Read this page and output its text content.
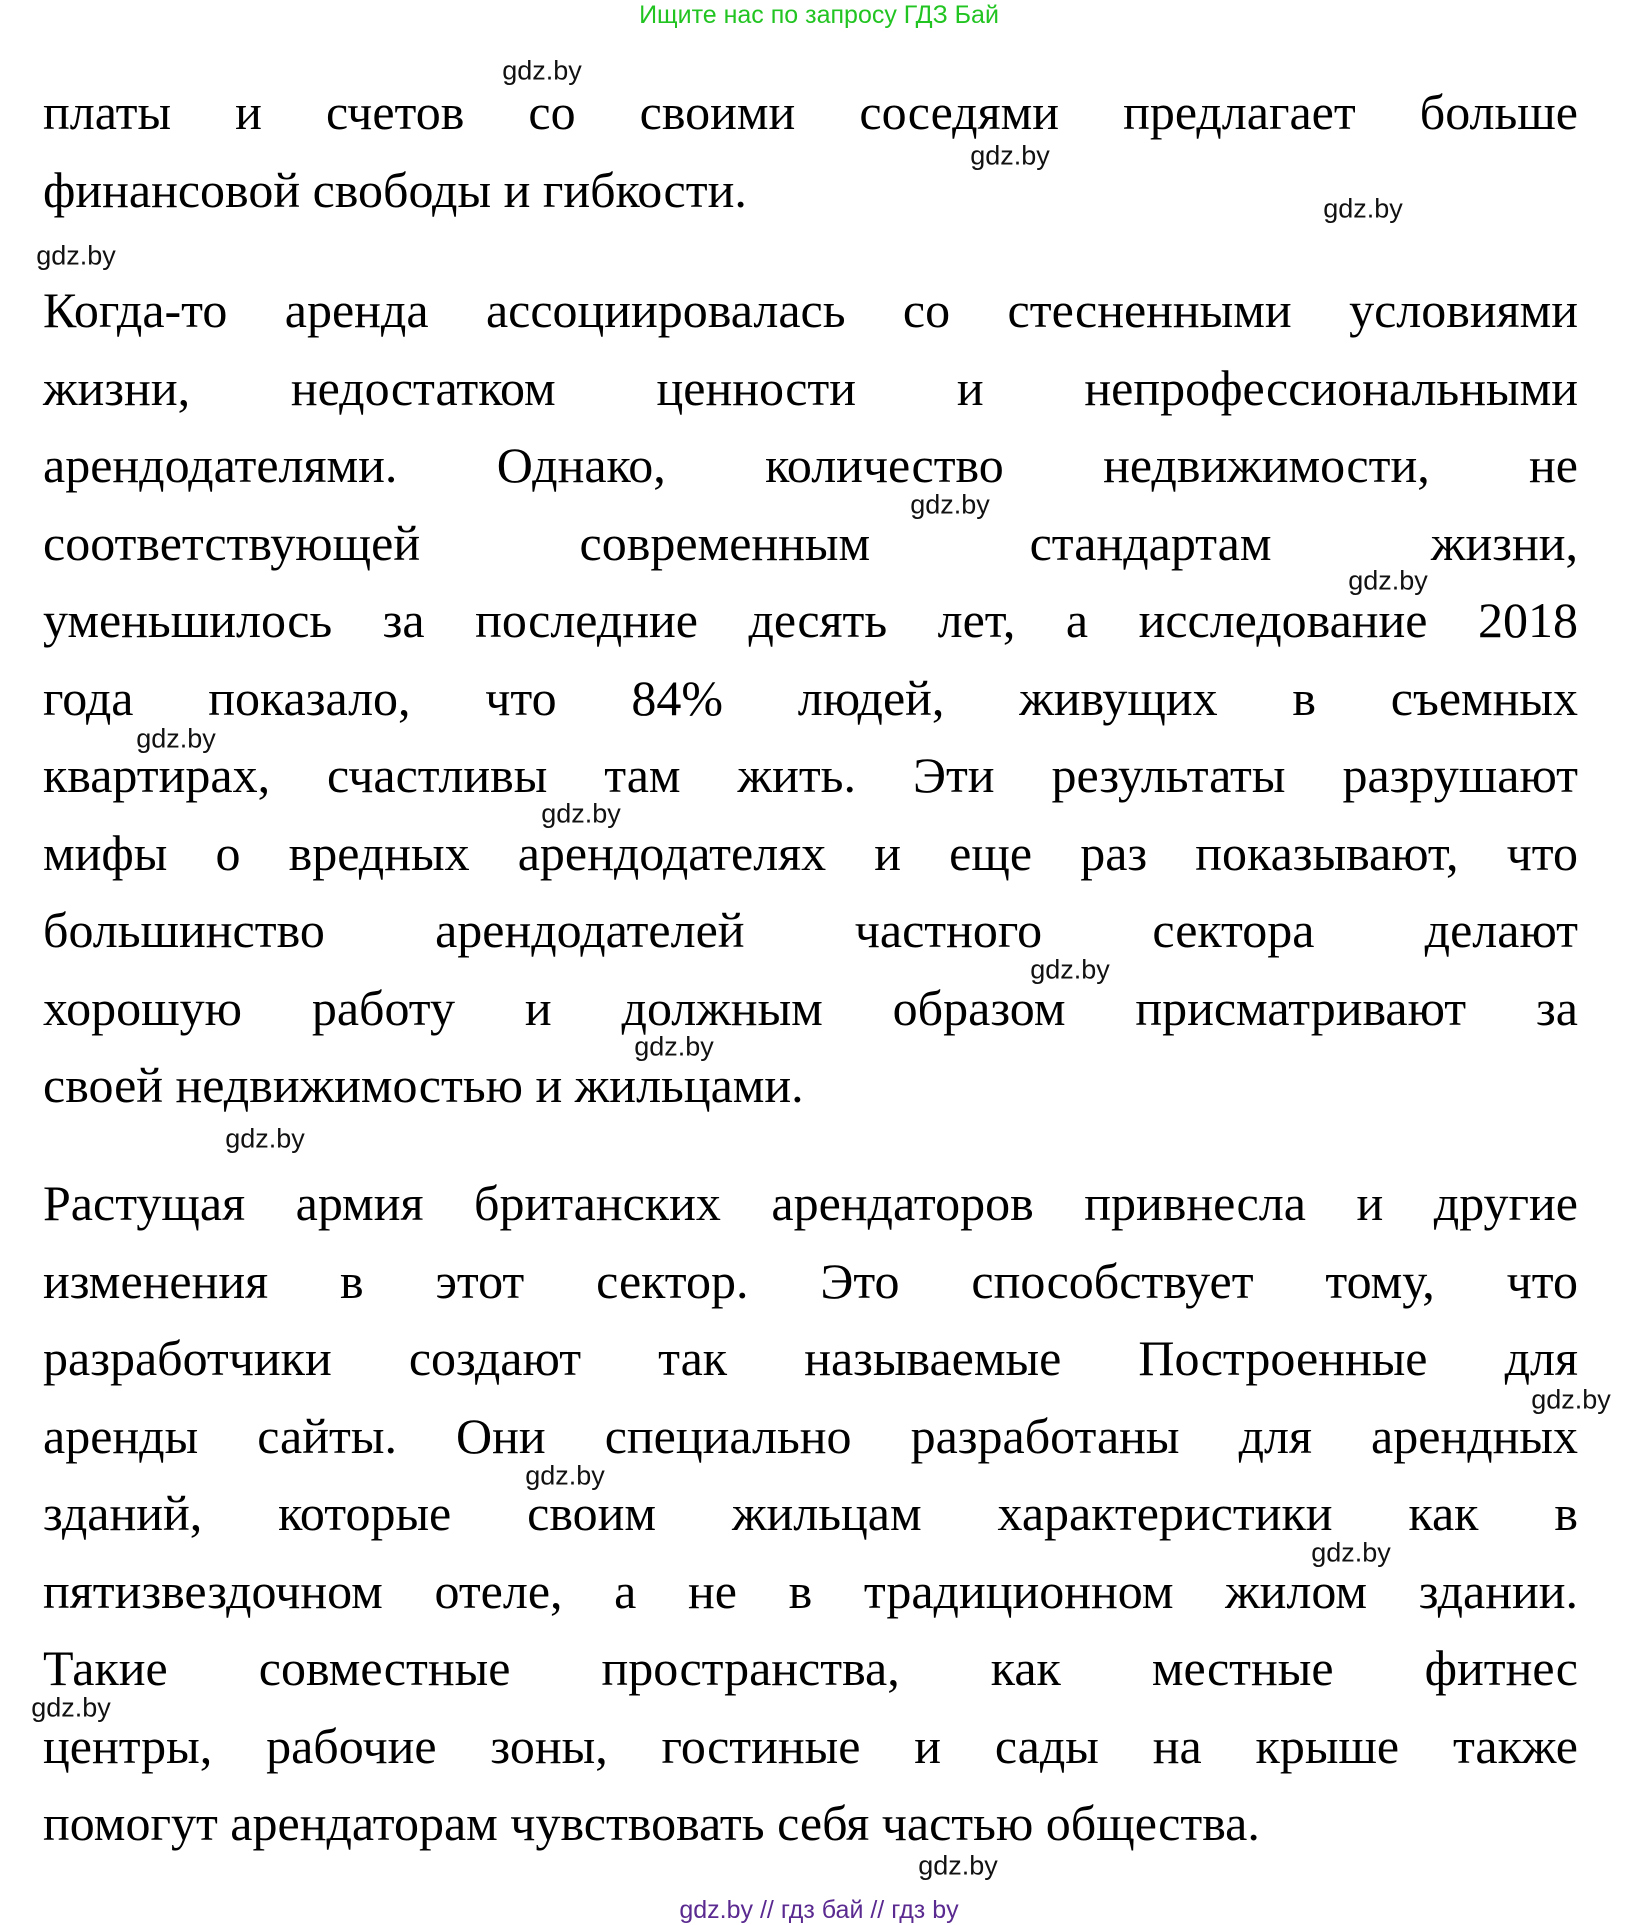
Ищите нас по запросу ГДЗ Бай
платы и счетов со своими соседями предлагает больше
финансовой свободы и гибкости.
Когда-то аренда ассоциировалась со стесненными условиями
жизни, недостатком ценности и непрофессиональными
арендодателями. Однако, количество недвижимости, не
соответствующей современным стандартам жизни,
уменьшилось за последние десять лет, а исследование 2018
года показало, что 84% людей, живущих в съемных
квартирах, счастливы там жить. Эти результаты разрушают
мифы о вредных арендодателях и еще раз показывают, что
большинство арендодателей частного сектора делают
хорошую работу и должным образом присматривают за
своей недвижимостью и жильцами.
Растущая армия британских арендаторов привнесла и другие
изменения в этот сектор. Это способствует тому, что
разработчики создают так называемые Построенные для
аренды сайты. Они специально разработаны для арендных
зданий, которые своим жильцам характеристики как в
пятизвездочном отеле, а не в традиционном жилом здании.
Такие совместные пространства, как местные фитнес
центры, рабочие зоны, гостиные и сады на крыше также
помогут арендаторам чувствовать себя частью общества.
gdz.by
gdz.by
gdz.by
gdz.by
gdz.by
gdz.by
gdz.by
gdz.by
gdz.by
gdz.by
gdz.by
gdz.by
gdz.by
gdz.by
gdz.by
gdz.by
gdz.by // гдз бай // гдз by
